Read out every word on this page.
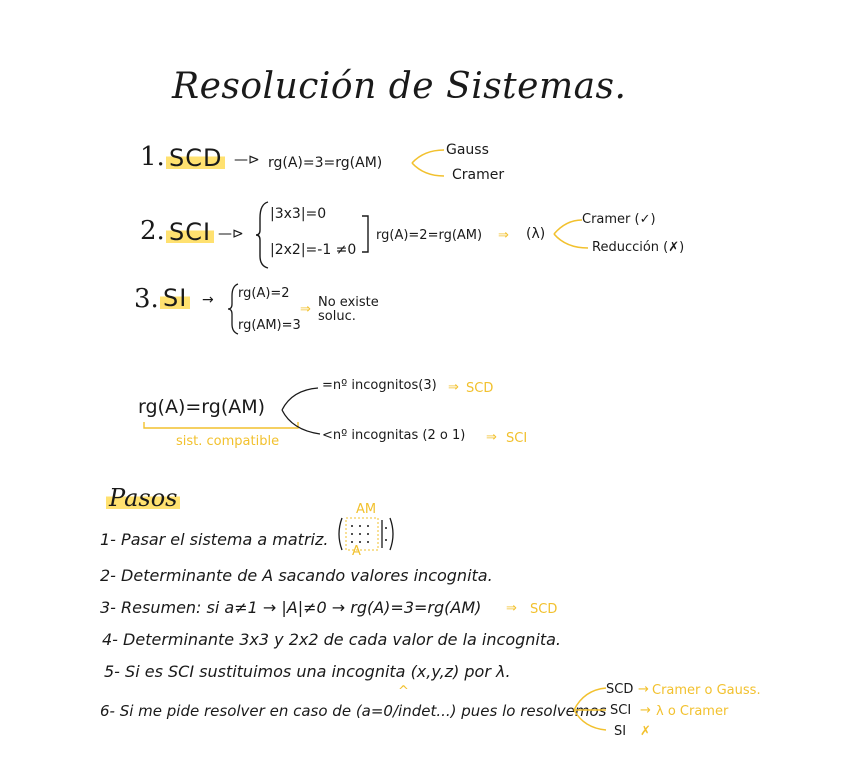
Resolución de Sistemas.
1. SCD —⊳ rg(A)=3=rg(AM)
Gauss
Cramer
2. SCI —⊳
|3x3|=0
|2x2|=-1 ≠0
rg(A)=2=rg(AM) ⇒ (λ)
Cramer (✓)
Reducción (✗)
3. SI → rg(A)=2
rg(AM)=3
⇒ No existe soluc.
rg(A)=rg(AM)
sist. compatible
=nº incognitos(3) ⇒ SCD
<nº incognitas (2 o 1) ⇒ SCI
Pasos
1- Pasar el sistema a matriz.
AM
A
2- Determinante de A sacando valores incognita.
3- Resumen: si a≠1 → |A|≠0 → rg(A)=3=rg(AM) ⇒ SCD
4- Determinante 3x3 y 2x2 de cada valor de la incognita.
5- Si es SCI sustituimos una incognita (x,y,z) por λ.
^
6- Si me pide resolver en caso de (a=0/indet...) pues lo resolvemos
SCD → Cramer o Gauss.
SCI → λ o Cramer
SI ✗
